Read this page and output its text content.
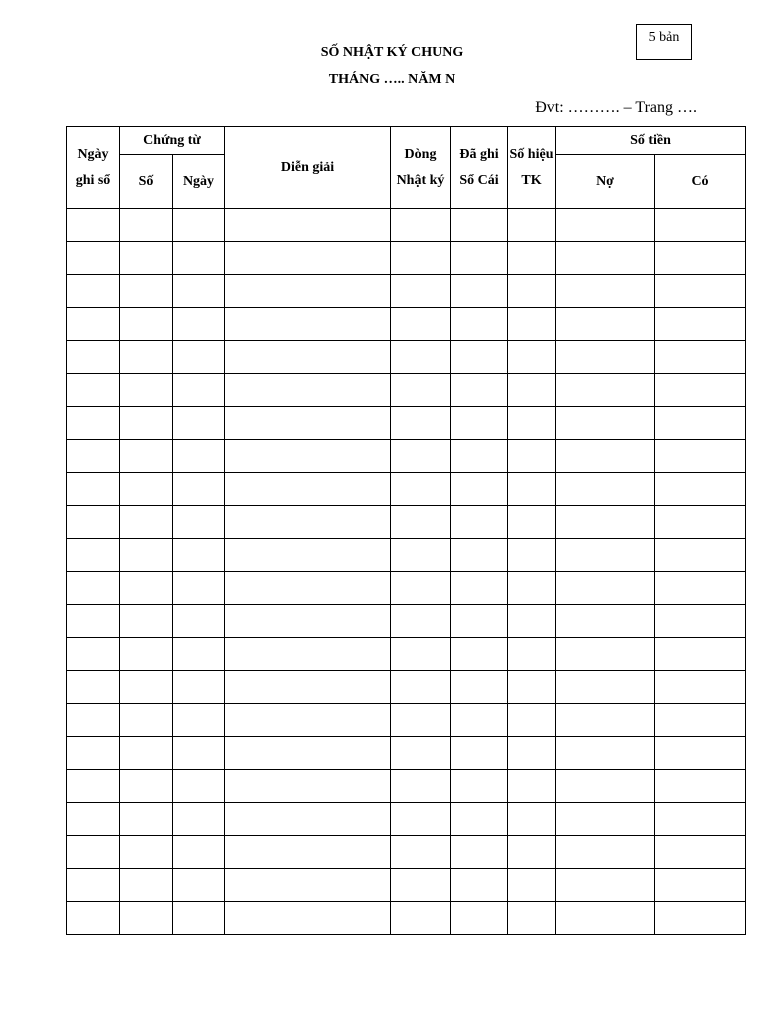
5 bản
SỐ NHẬT KÝ CHUNG
THÁNG ….. NĂM N
Đvt: ………. – Trang ….
Ngày ghi sổ	Chứng từ		Diễn giải	Dòng Nhật ký	Đã ghi Sổ Cái	Số hiệu TK	Số tiền	
	Số	Ngày					Nợ	Có
